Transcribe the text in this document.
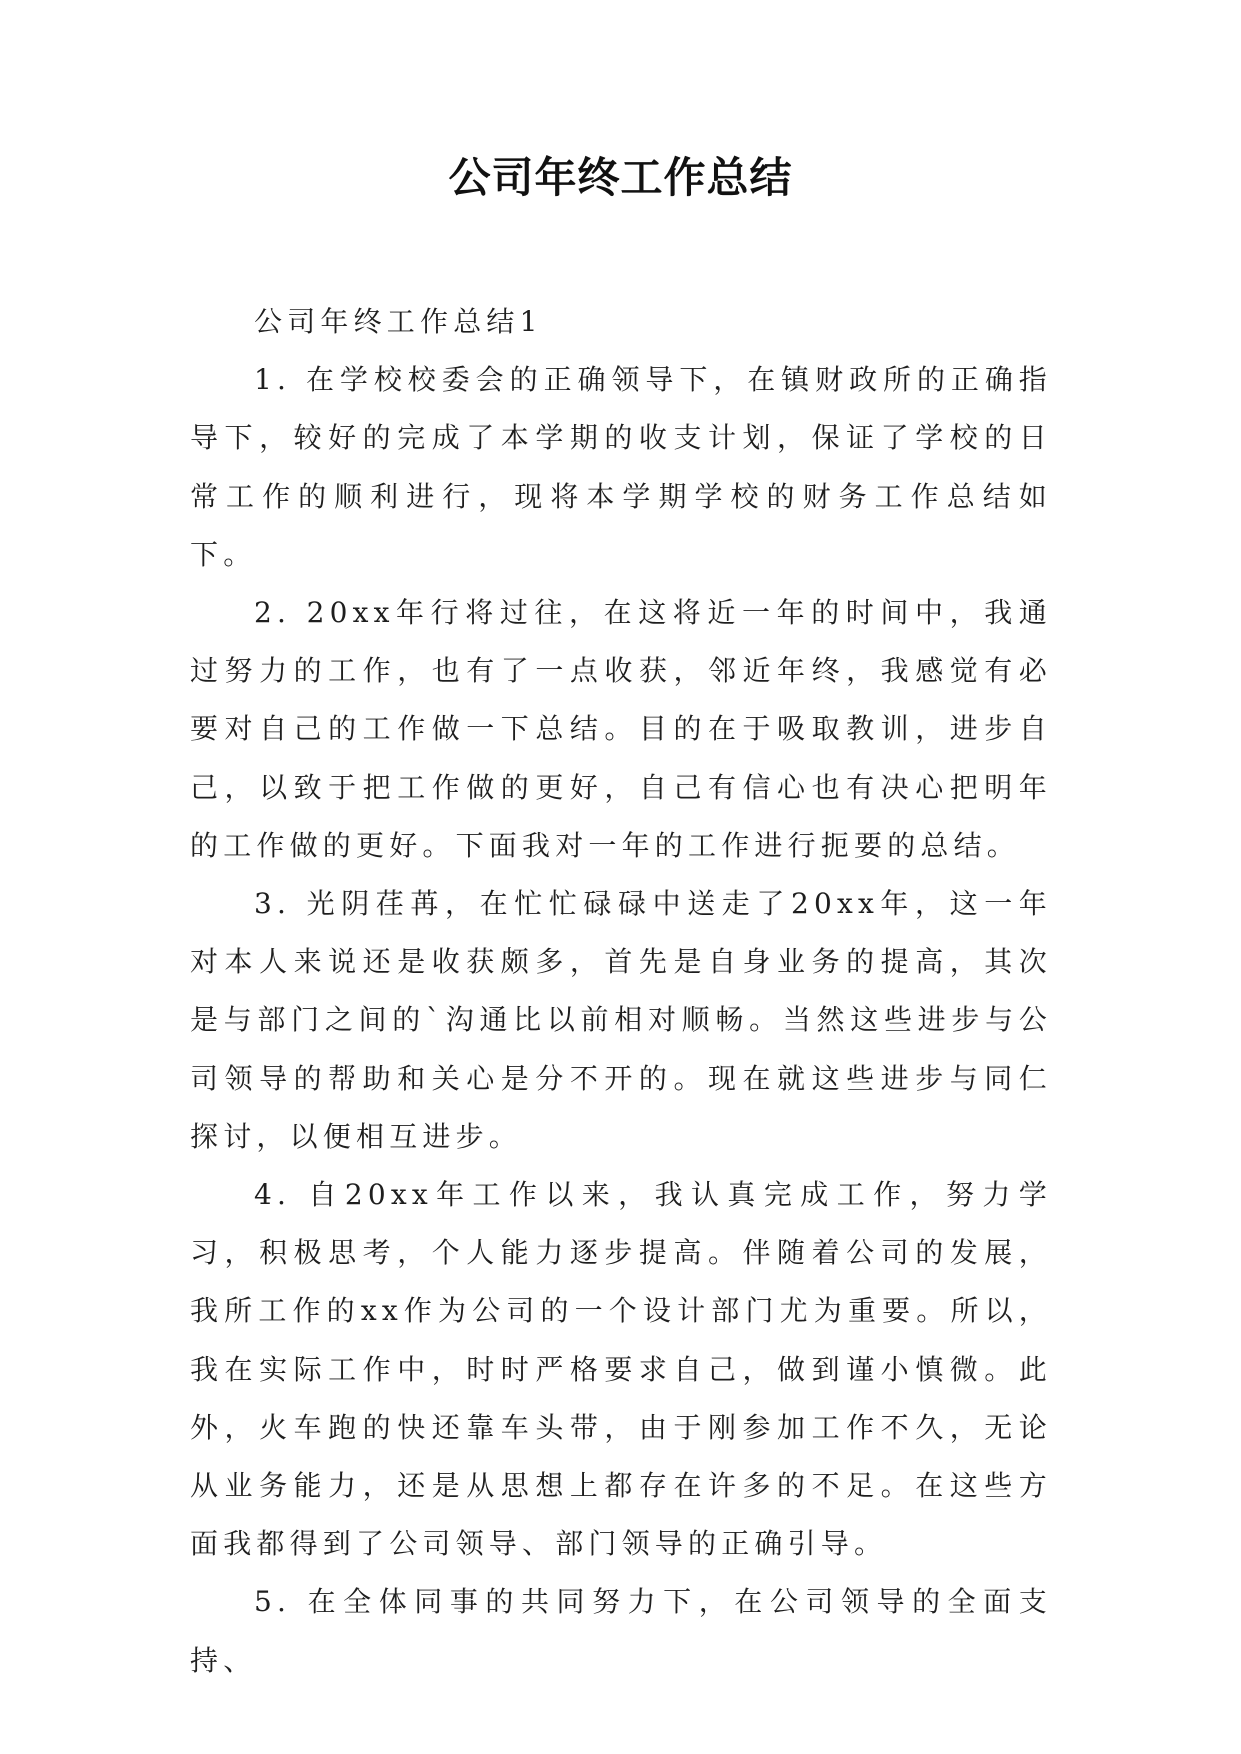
公司年终工作总结

公司年终工作总结1

1. 在学校校委会的正确领导下，在镇财政所的正确指导下，较好的完成了本学期的收支计划，保证了学校的日常工作的顺利进行，现将本学期学校的财务工作总结如下。

2. 20xx年行将过往，在这将近一年的时间中，我通过努力的工作，也有了一点收获，邻近年终，我感觉有必要对自己的工作做一下总结。目的在于吸取教训，进步自己，以致于把工作做的更好，自己有信心也有决心把明年的工作做的更好。下面我对一年的工作进行扼要的总结。

3. 光阴荏苒，在忙忙碌碌中送走了20xx年，这一年对本人来说还是收获颇多，首先是自身业务的提高，其次是与部门之间的`沟通比以前相对顺畅。当然这些进步与公司领导的帮助和关心是分不开的。现在就这些进步与同仁探讨，以便相互进步。

4. 自20xx年工作以来，我认真完成工作，努力学习，积极思考，个人能力逐步提高。伴随着公司的发展，我所工作的xx作为公司的一个设计部门尤为重要。所以，我在实际工作中，时时严格要求自己，做到谨小慎微。此外，火车跑的快还靠车头带，由于刚参加工作不久，无论从业务能力，还是从思想上都存在许多的不足。在这些方面我都得到了公司领导、部门领导的正确引导。

5. 在全体同事的共同努力下，在公司领导的全面支持、
